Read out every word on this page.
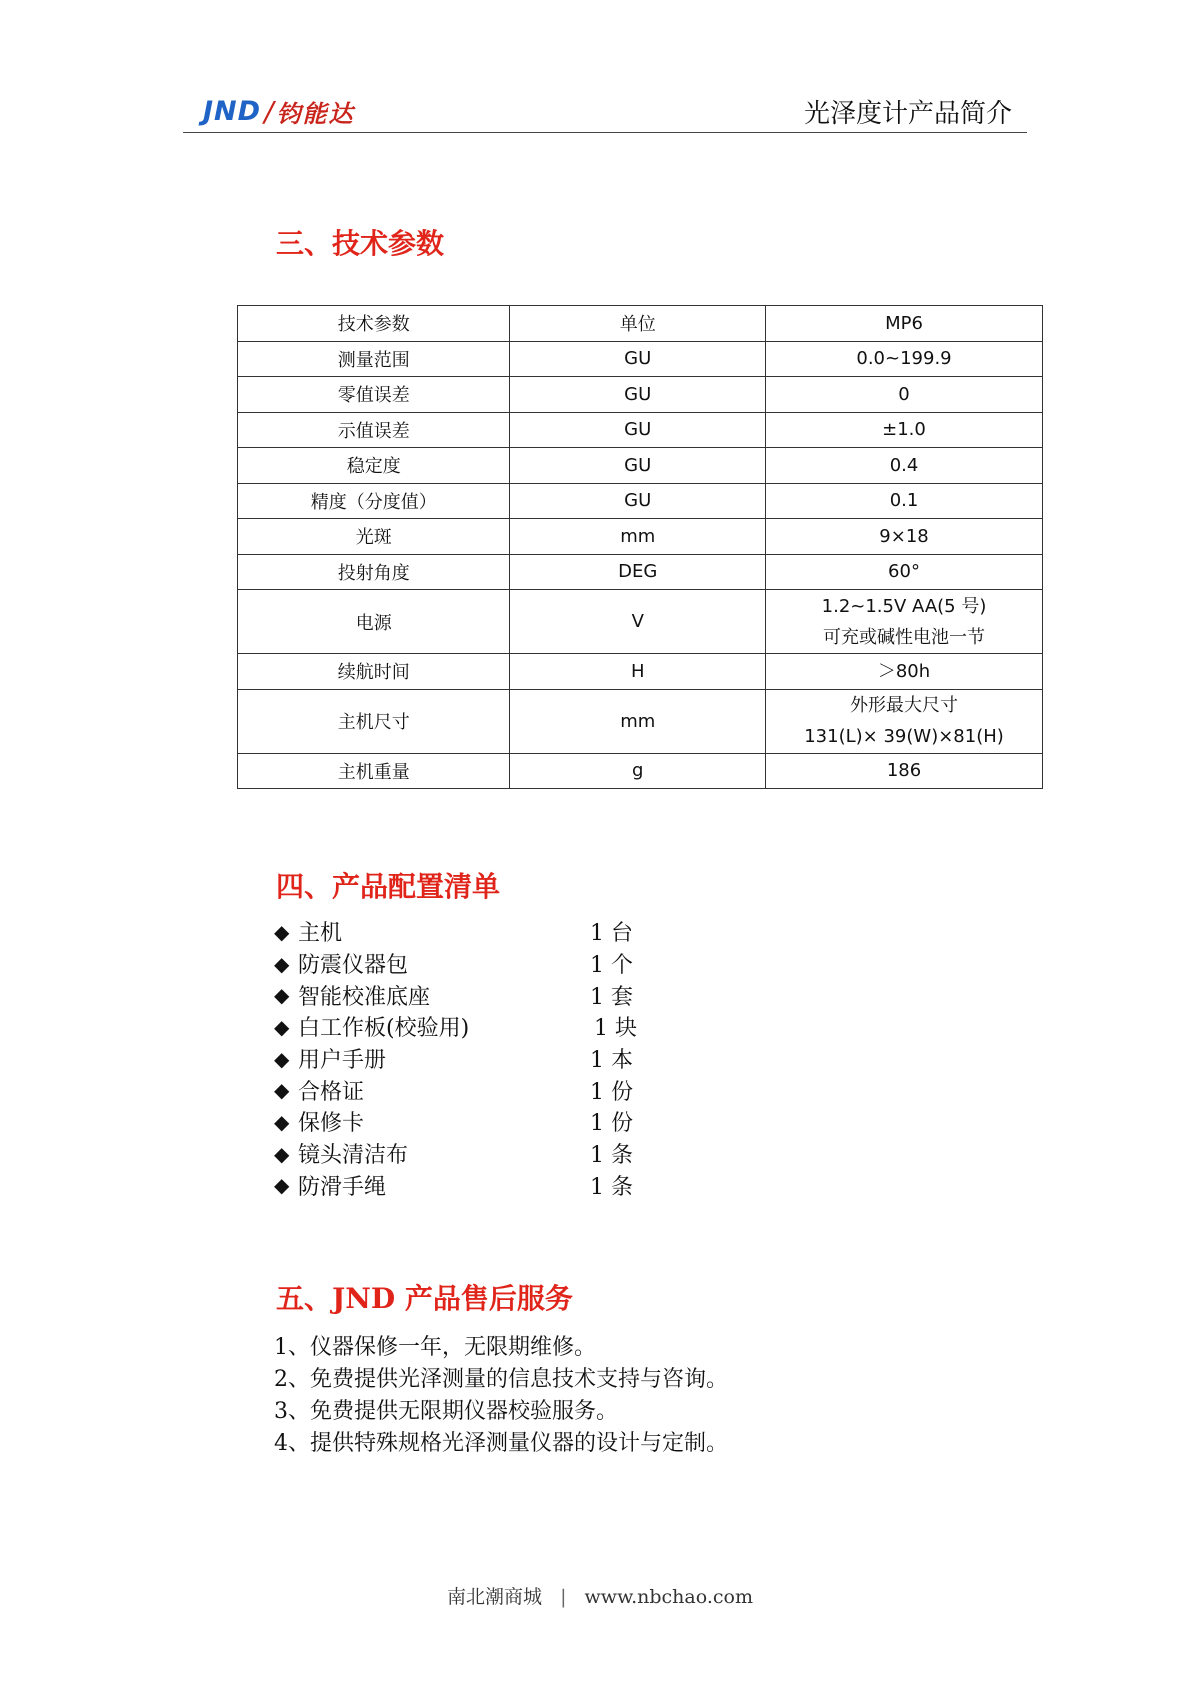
JND / 钧能达	光泽度计产品简介
三、技术参数
技术参数	单位	MP6
测量范围	GU	0.0~199.9
零值误差	GU	0
示值误差	GU	±1.0
稳定度	GU	0.4
精度（分度值）	GU	0.1
光斑	mm	9×18
投射角度	DEG	60°
电源	V	1.2~1.5V AA(5 号)
可充或碱性电池一节

续航时间	H	＞80h
主机尺寸	mm	外形最大尺寸
131(L)× 39(W)×81(H)

主机重量	g	186
四、产品配置清单
◆ 主机	1 台
◆ 防震仪器包	1 个
◆ 智能校准底座	1 套
◆ 白工作板(校验用)	1 块
◆ 用户手册	1 本
◆ 合格证	1 份
◆ 保修卡	1 份
◆ 镜头清洁布	1 条
◆ 防滑手绳	1 条
五、JND 产品售后服务
1、仪器保修一年，无限期维修。
2、免费提供光泽测量的信息技术支持与咨询。
3、免费提供无限期仪器校验服务。
4、提供特殊规格光泽测量仪器的设计与定制。
南北潮商城 | www.nbchao.com
